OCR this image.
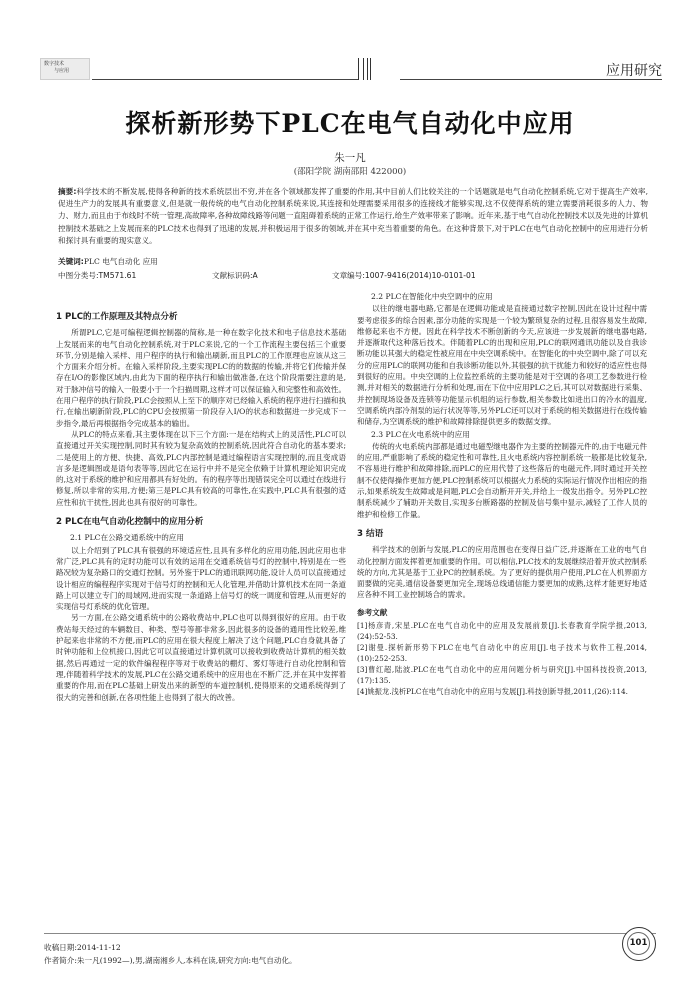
数字技术
与应用	应用研究
探析新形势下PLC在电气自动化中应用
朱一凡
(邵阳学院 湖南邵阳 422000)
摘要:科学技术的不断发展,使得各种新的技术系统层出不穷,并在各个领域都发挥了重要的作用,其中目前人们比较关注的一个话题就是电气自动化控制系统,它对于提高生产效率,促进生产力的发展具有重要意义,但是就一般传统的电气自动化控制系统来说,其连接和处理需要采用很多的连接线才能够实现,这不仅使得系统的建立需要消耗很多的人力、物力、财力,而且由于布线时不统一管理,高故障率,各种故障线路等问题一直阻碍着系统的正常工作运行,给生产效率带来了影响。近年来,基于电气自动化控制技术以及先进的计算机控制技术基础之上发展而来的PLC技术也得到了迅速的发展,并积极运用于很多的领域,并在其中充当着重要的角色。在这种背景下,对于PLC在电气自动化控制中的应用进行分析和探讨具有重要的现实意义。
关键词:PLC 电气自动化 应用
中图分类号:TM571.61	文献标识码:A	文章编号:1007-9416(2014)10-0101-01
1 PLC的工作原理及其特点分析

所谓PLC,它是可编程逻辑控制器的简称,是一种在数字化技术和电子信息技术基础上发展而来的电气自动化控制系统,对于PLC来说,它的一个工作流程主要包括三个重要环节,分别是输入采样、用户程序的执行和输出刷新,而且PLC的工作原理也应该从这三个方面来介绍分析。在输入采样阶段,主要实现PLC的的数据的传输,并将它们传输并保存在I/O的影像区域内,由此为下面的程序执行和输出做准备,在这个阶段需要注意的是,对于脉冲信号的输入一般要小于一个扫描周期,这样才可以保证输入和完整性和高效性。在用户程序的执行阶段,PLC会按照从上至下的顺序对已经输入系统的程序进行扫描和执行,在输出刷新阶段,PLC的CPU会按照第一阶段存入I/O的状态和数据进一步完成下一步指令,最后再根据指令完成基本的输出。

从PLC的特点来看,其主要体现在以下三个方面:一是在结构式上的灵活性,PLC可以直接通过开关实现控制,同时其有较为复杂高效的控制系统,因此符合自动化的基本要求;二是使用上的方便、快捷、高效,PLC内部控制是通过编程语言实现控制的,而且变成语言多是逻辑图或是语句表等等,因此它在运行中并不是完全依赖于计算机理论知识完成的,这对于系统的维护和应用都具有好处的。有的程序等出现错误完全可以通过在线进行修复,所以非常的实用,方便;第三是PLC具有较高的可靠性,在实践中,PLC具有很强的适应性和抗干扰性,因此也具有很好的可靠性。

2 PLC在电气自动化控制中的应用分析
2.1 PLC在公路交通系统中的应用

以上介绍到了PLC具有很强的环境适应性,且具有多样化的应用功能,因此应用也非常广泛,PLC具有的定时功能可以有效的运用在交通系统信号灯的控制中,特别是在一些路况较为复杂路口的交通灯控制。另外鉴于PLC的通讯联网功能,设计人员可以直接通过设计相应的编程程序实现对于信号灯的控制和无人化管理,并借助计算机技术在同一条道路上可以建立专门的局域网,进而实现一条道路上信号灯的统一调度和管理,从而更好的实现信号灯系统的优化管理。

另一方面,在公路交通系统中的公路收费站中,PLC也可以得到很好的应用。由于收费站每天经过的车辆数目、种类、型号等都非常多,因此很多的设备的通用性比较差,维护起来也非常的不方便,而PLC的应用在很大程度上解决了这个问题,PLC自身就具备了时钟功能和上位机接口,因此它可以直接通过计算机就可以接收到收费站计算机的相关数据,然后再通过一定的软件编程程序等对于收费站的棚灯、雾灯等进行自动化控制和管理,伴随着科学技术的发展,PLC在公路交通系统中的应用也在不断广泛,并在其中发挥着重要的作用,而在PLC基础上研发出来的新型的车道控制机,使得原来的交通系统得到了很大的完善和创新,在各项性能上也得到了很大的改善。

2.2 PLC在智能化中央空调中的应用

以往的继电器电路,它都是在逻辑功能或是直接通过数字控制,因此在设计过程中需要考虑很多的综合因素,部分功能的实现是一个较为繁琐复杂的过程,且很容易发生故障,维修起来也不方便。因此在科学技术不断创新的今天,应该进一步发展新的继电器电路,并逐渐取代这种落后技术。伴随着PLC的出现和应用,PLC的联网通讯功能以及自我诊断功能以其强大的稳定性被应用在中央空调系统中。在智能化的中央空调中,除了可以充分的应用PLC的联网功能和自我诊断功能以外,其很强的抗干扰能力和较好的适应性也得到很好的应用。中央空调的上位监控系统的主要功能是对于空调的各项工艺参数进行检测,并对相关的数据进行分析和处理,而在下位中应用PLC之后,其可以对数据进行采集、并控制现场设备及连锁等功能显示机组的运行参数,相关参数比如进出口的冷水的温度,空调系统内部冷剂泵的运行状况等等,另外PLC还可以对于系统的相关数据进行在线传输和储存,为空调系统的维护和故障排除提供更多的数据支撑。

2.3 PLC在火电系统中的应用

传统的火电系统内部都是通过电磁型继电器作为主要的控制器元件的,由于电磁元件的应用,严重影响了系统的稳定性和可靠性,且火电系统内容控制系统一般都是比较复杂,不容易进行维护和故障排除,而PLC的应用代替了这些落后的电磁元件,同时通过开关控制不仅使得操作更加方便,PLC控制系统可以根据火力系统的实际运行情况作出相应的指示,如果系统发生故障或是问题,PLC会自动断开开关,并给上一级发出指令。另外PLC控制系统减少了辅助开关数目,实现多台断路器的控制及信号集中显示,减轻了工作人员的维护和检修工作量。

3 结语

科学技术的创新与发展,PLC的应用范围也在变得日益广泛,并逐渐在工业的电气自动化控制方面发挥着更加重要的作用。可以相信,PLC技术的发展继续沿着开放式控制系统的方向,尤其是基于工业PC的控制系统。为了更好的提供用户使用,PLC在人机界面方面要做的完美,通信设备要更加完全,现场总线通信能力要更加的成熟,这样才能更好地适应各种不同工业控制场合的需求。

参考文献
[1]杨彦青,宋星.PLC在电气自动化中的应用及发展前景[J].长春教育学院学报,2013,(24):52-53.
[2]谢曼.探析新形势下PLC在电气自动化中的应用[J].电子技术与软件工程,2014,(10):252-253.
[3]曹红超,陆波.PLC在电气自动化中的应用问题分析与研究[J].中国科技投资,2013,(17):135.
[4]姚振龙.浅析PLC在电气自动化中的应用与发展[J].科技创新导报,2011,(26):114.
收稿日期:2014-11-12
作者简介:朱一凡(1992—),男,湖南湘乡人,本科在读,研究方向:电气自动化。
101
